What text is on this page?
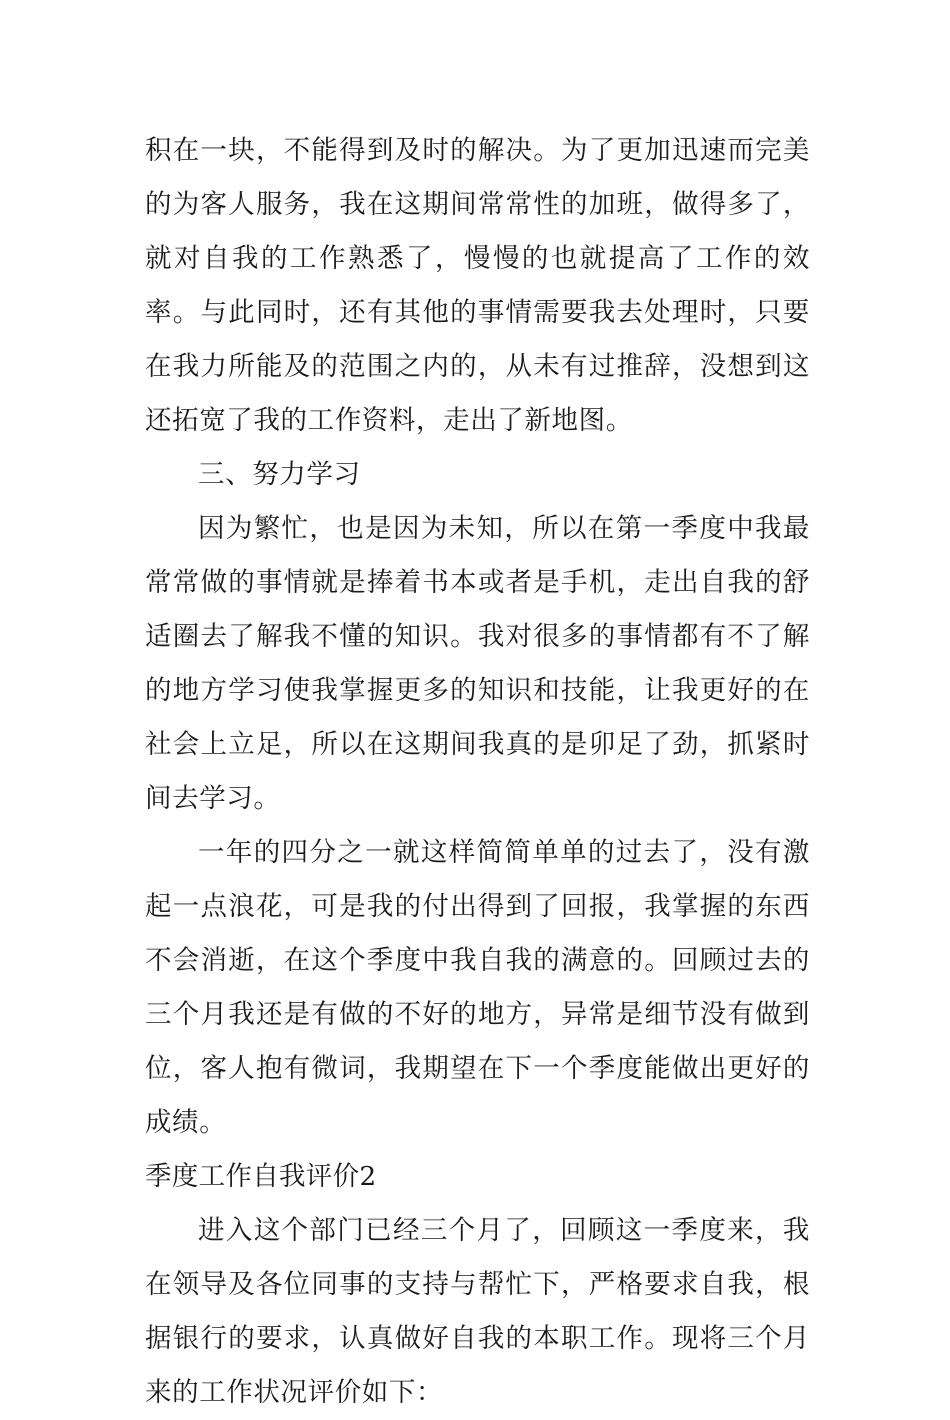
积在一块，不能得到及时的解决。为了更加迅速而完美的为客人服务，我在这期间常常性的加班，做得多了，就对自我的工作熟悉了，慢慢的也就提高了工作的效率。与此同时，还有其他的事情需要我去处理时，只要在我力所能及的范围之内的，从未有过推辞，没想到这还拓宽了我的工作资料，走出了新地图。

三、努力学习

因为繁忙，也是因为未知，所以在第一季度中我最常常做的事情就是捧着书本或者是手机，走出自我的舒适圈去了解我不懂的知识。我对很多的事情都有不了解的地方学习使我掌握更多的知识和技能，让我更好的在社会上立足，所以在这期间我真的是卯足了劲，抓紧时间去学习。

一年的四分之一就这样简简单单的过去了，没有激起一点浪花，可是我的付出得到了回报，我掌握的东西不会消逝，在这个季度中我自我的满意的。回顾过去的三个月我还是有做的不好的地方，异常是细节没有做到位，客人抱有微词，我期望在下一个季度能做出更好的成绩。

季度工作自我评价2

进入这个部门已经三个月了，回顾这一季度来，我在领导及各位同事的支持与帮忙下，严格要求自我，根据银行的要求，认真做好自我的本职工作。现将三个月来的工作状况评价如下：
